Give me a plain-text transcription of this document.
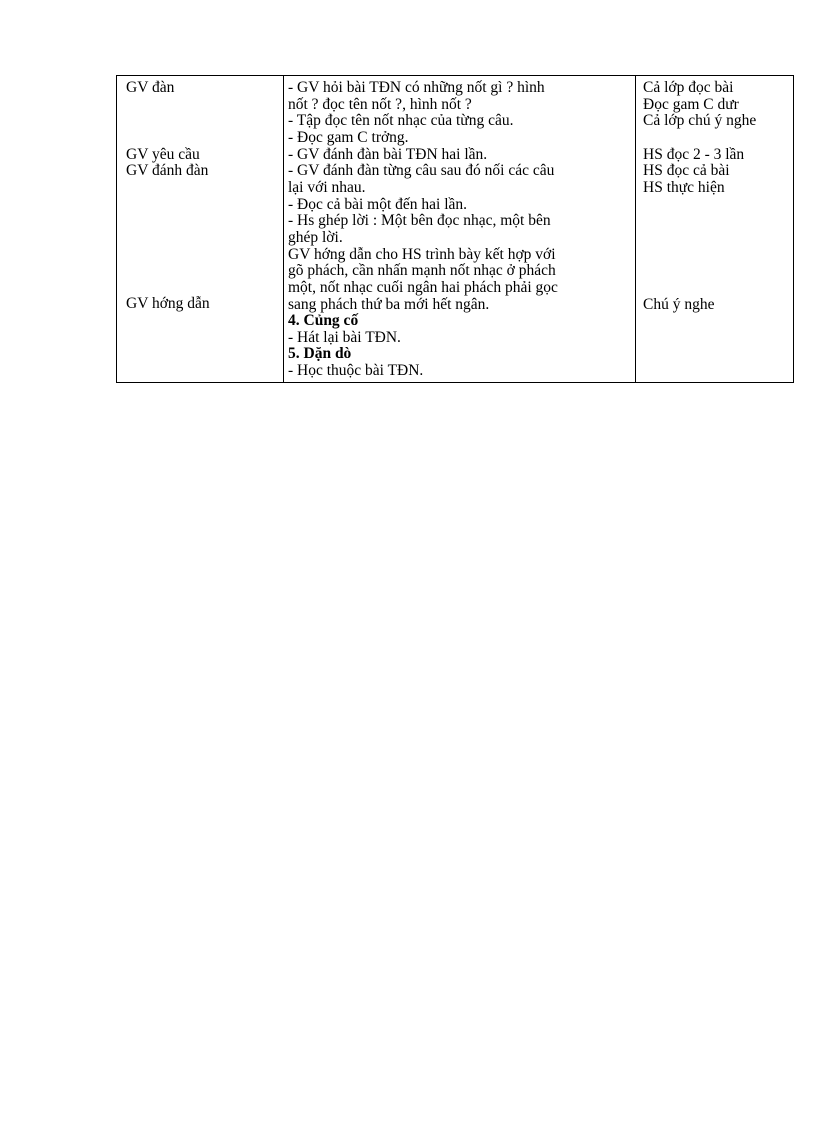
GV đàn
GV yêu cầu
GV đánh đàn
GV hớng dẫn
- GV hỏi bài TĐN có những nốt gì ? hình
nốt ? đọc tên nốt ?, hình nốt ?
- Tập đọc tên nốt nhạc của từng câu.
- Đọc gam C trởng.
- GV đánh đàn bài TĐN hai lần.
- GV đánh đàn từng câu sau đó nối các câu
lại với nhau.
- Đọc cả bài một đến hai lần.
- Hs ghép lời : Một bên đọc nhạc, một bên
ghép lời.
GV hớng dẫn cho HS trình bày kết hợp với
gõ phách, cần nhấn mạnh nốt nhạc ở phách
một, nốt nhạc cuối ngân hai phách phải gọc
sang phách thứ ba mới hết ngân.
4. Củng cố
- Hát lại bài TĐN.
5. Dặn dò
- Học thuộc bài TĐN.
Cả lớp đọc bài
Đọc gam C dưr
Cả lớp chú ý nghe
HS đọc 2 - 3 lần
HS đọc cả bài
HS thực hiện
Chú ý nghe
